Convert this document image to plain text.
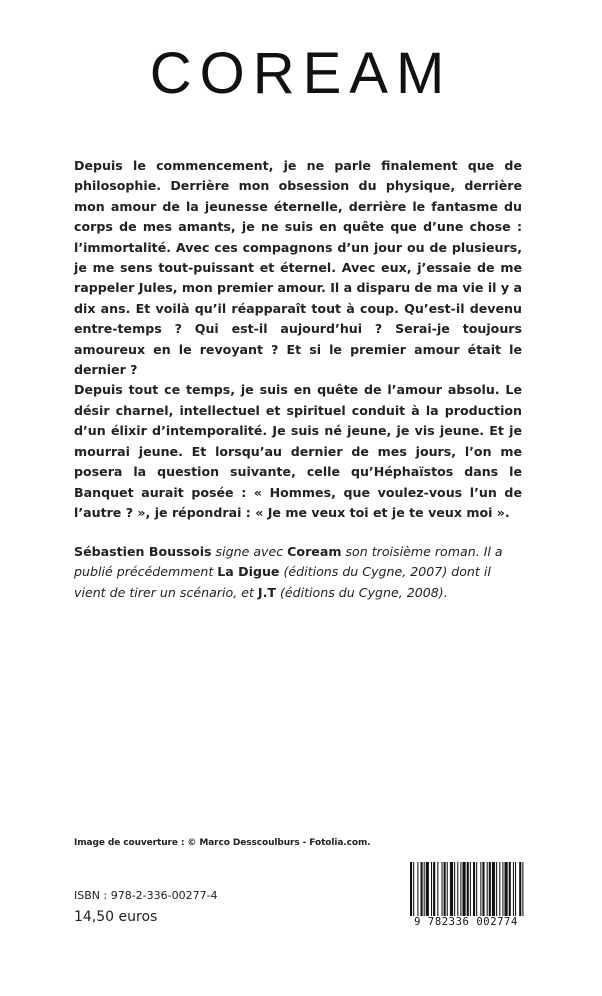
COREAM

Depuis le commencement, je ne parle finalement que de philosophie. Derrière mon obsession du physique, derrière mon amour de la jeunesse éternelle, derrière le fantasme du corps de mes amants, je ne suis en quête que d’une chose : l’immortalité. Avec ces compagnons d’un jour ou de plusieurs, je me sens tout-puissant et éternel. Avec eux, j’essaie de me rappeler Jules, mon premier amour. Il a disparu de ma vie il y a dix ans. Et voilà qu’il réapparaît tout à coup. Qu’est-il devenu entre-temps ? Qui est-il aujourd’hui ? Serai-je toujours amoureux en le revoyant ? Et si le premier amour était le dernier ?

Depuis tout ce temps, je suis en quête de l’amour absolu. Le désir charnel, intellectuel et spirituel conduit à la production d’un élixir d’intemporalité. Je suis né jeune, je vis jeune. Et je mourrai jeune. Et lorsqu’au dernier de mes jours, l’on me posera la question suivante, celle qu’Héphaïstos dans le Banquet aurait posée : « Hommes, que voulez-vous l’un de l’autre ? », je répondrai : « Je me veux toi et je te veux moi ».

Sébastien Boussois signe avec Coream son troisième roman. Il a publié précédemment La Digue (éditions du Cygne, 2007) dont il vient de tirer un scénario, et J.T (éditions du Cygne, 2008).
Image de couverture : © Marco Desscoulburs - Fotolia.com.
ISBN : 978-2-336-00277-4
14,50 euros	9 782336 002774
